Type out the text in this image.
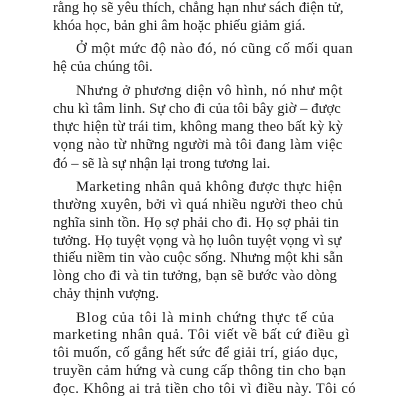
rằng họ sẽ yêu thích, chẳng hạn như sách điện tử,
khóa học, bản ghi âm hoặc phiếu giảm giá.
Ở một mức độ nào đó, nó cũng cố mối quan
hệ của chúng tôi.
Nhưng ở phương diện vô hình, nó như một
chu kì tâm linh. Sự cho đi của tôi bây giờ – được
thực hiện từ trái tim, không mang theo bất kỳ kỳ
vọng nào từ những người mà tôi đang làm việc
đó – sẽ là sự nhận lại trong tương lai.
Marketing nhân quả không được thực hiện
thường xuyên, bởi vì quá nhiều người theo chủ
nghĩa sinh tồn. Họ sợ phải cho đi. Họ sợ phải tin
tưởng. Họ tuyệt vọng và họ luôn tuyệt vọng vì sự
thiếu niềm tin vào cuộc sống. Nhưng một khi sẵn
lòng cho đi và tin tưởng, bạn sẽ bước vào dòng
chảy thịnh vượng.
Blog của tôi là minh chứng thực tế của
marketing nhân quả. Tôi viết về bất cứ điều gì
tôi muốn, cố gắng hết sức để giải trí, giáo dục,
truyền cảm hứng và cung cấp thông tin cho bạn
đọc. Không ai trả tiền cho tôi vì điều này. Tôi có
